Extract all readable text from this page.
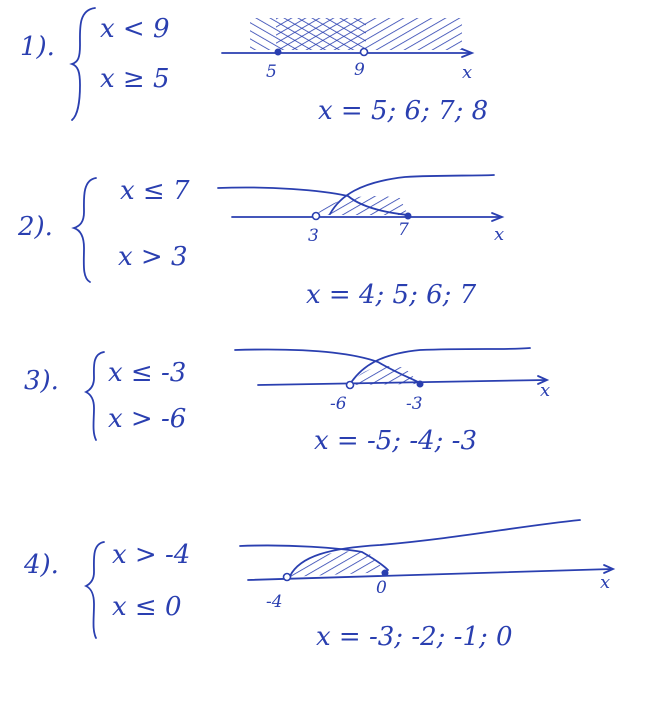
1).
x < 9
x ≥ 5	5	9	x
x = 5; 6; 7; 8
2).
x ≤ 7
x > 3
3	7	x
x = 4; 5; 6; 7
3). x ≤ -3
x > -6	-6	-3
x
x = -5; -4; -3
4). x > -4
x ≤ 0	-4
0	x
x = -3; -2; -1; 0
